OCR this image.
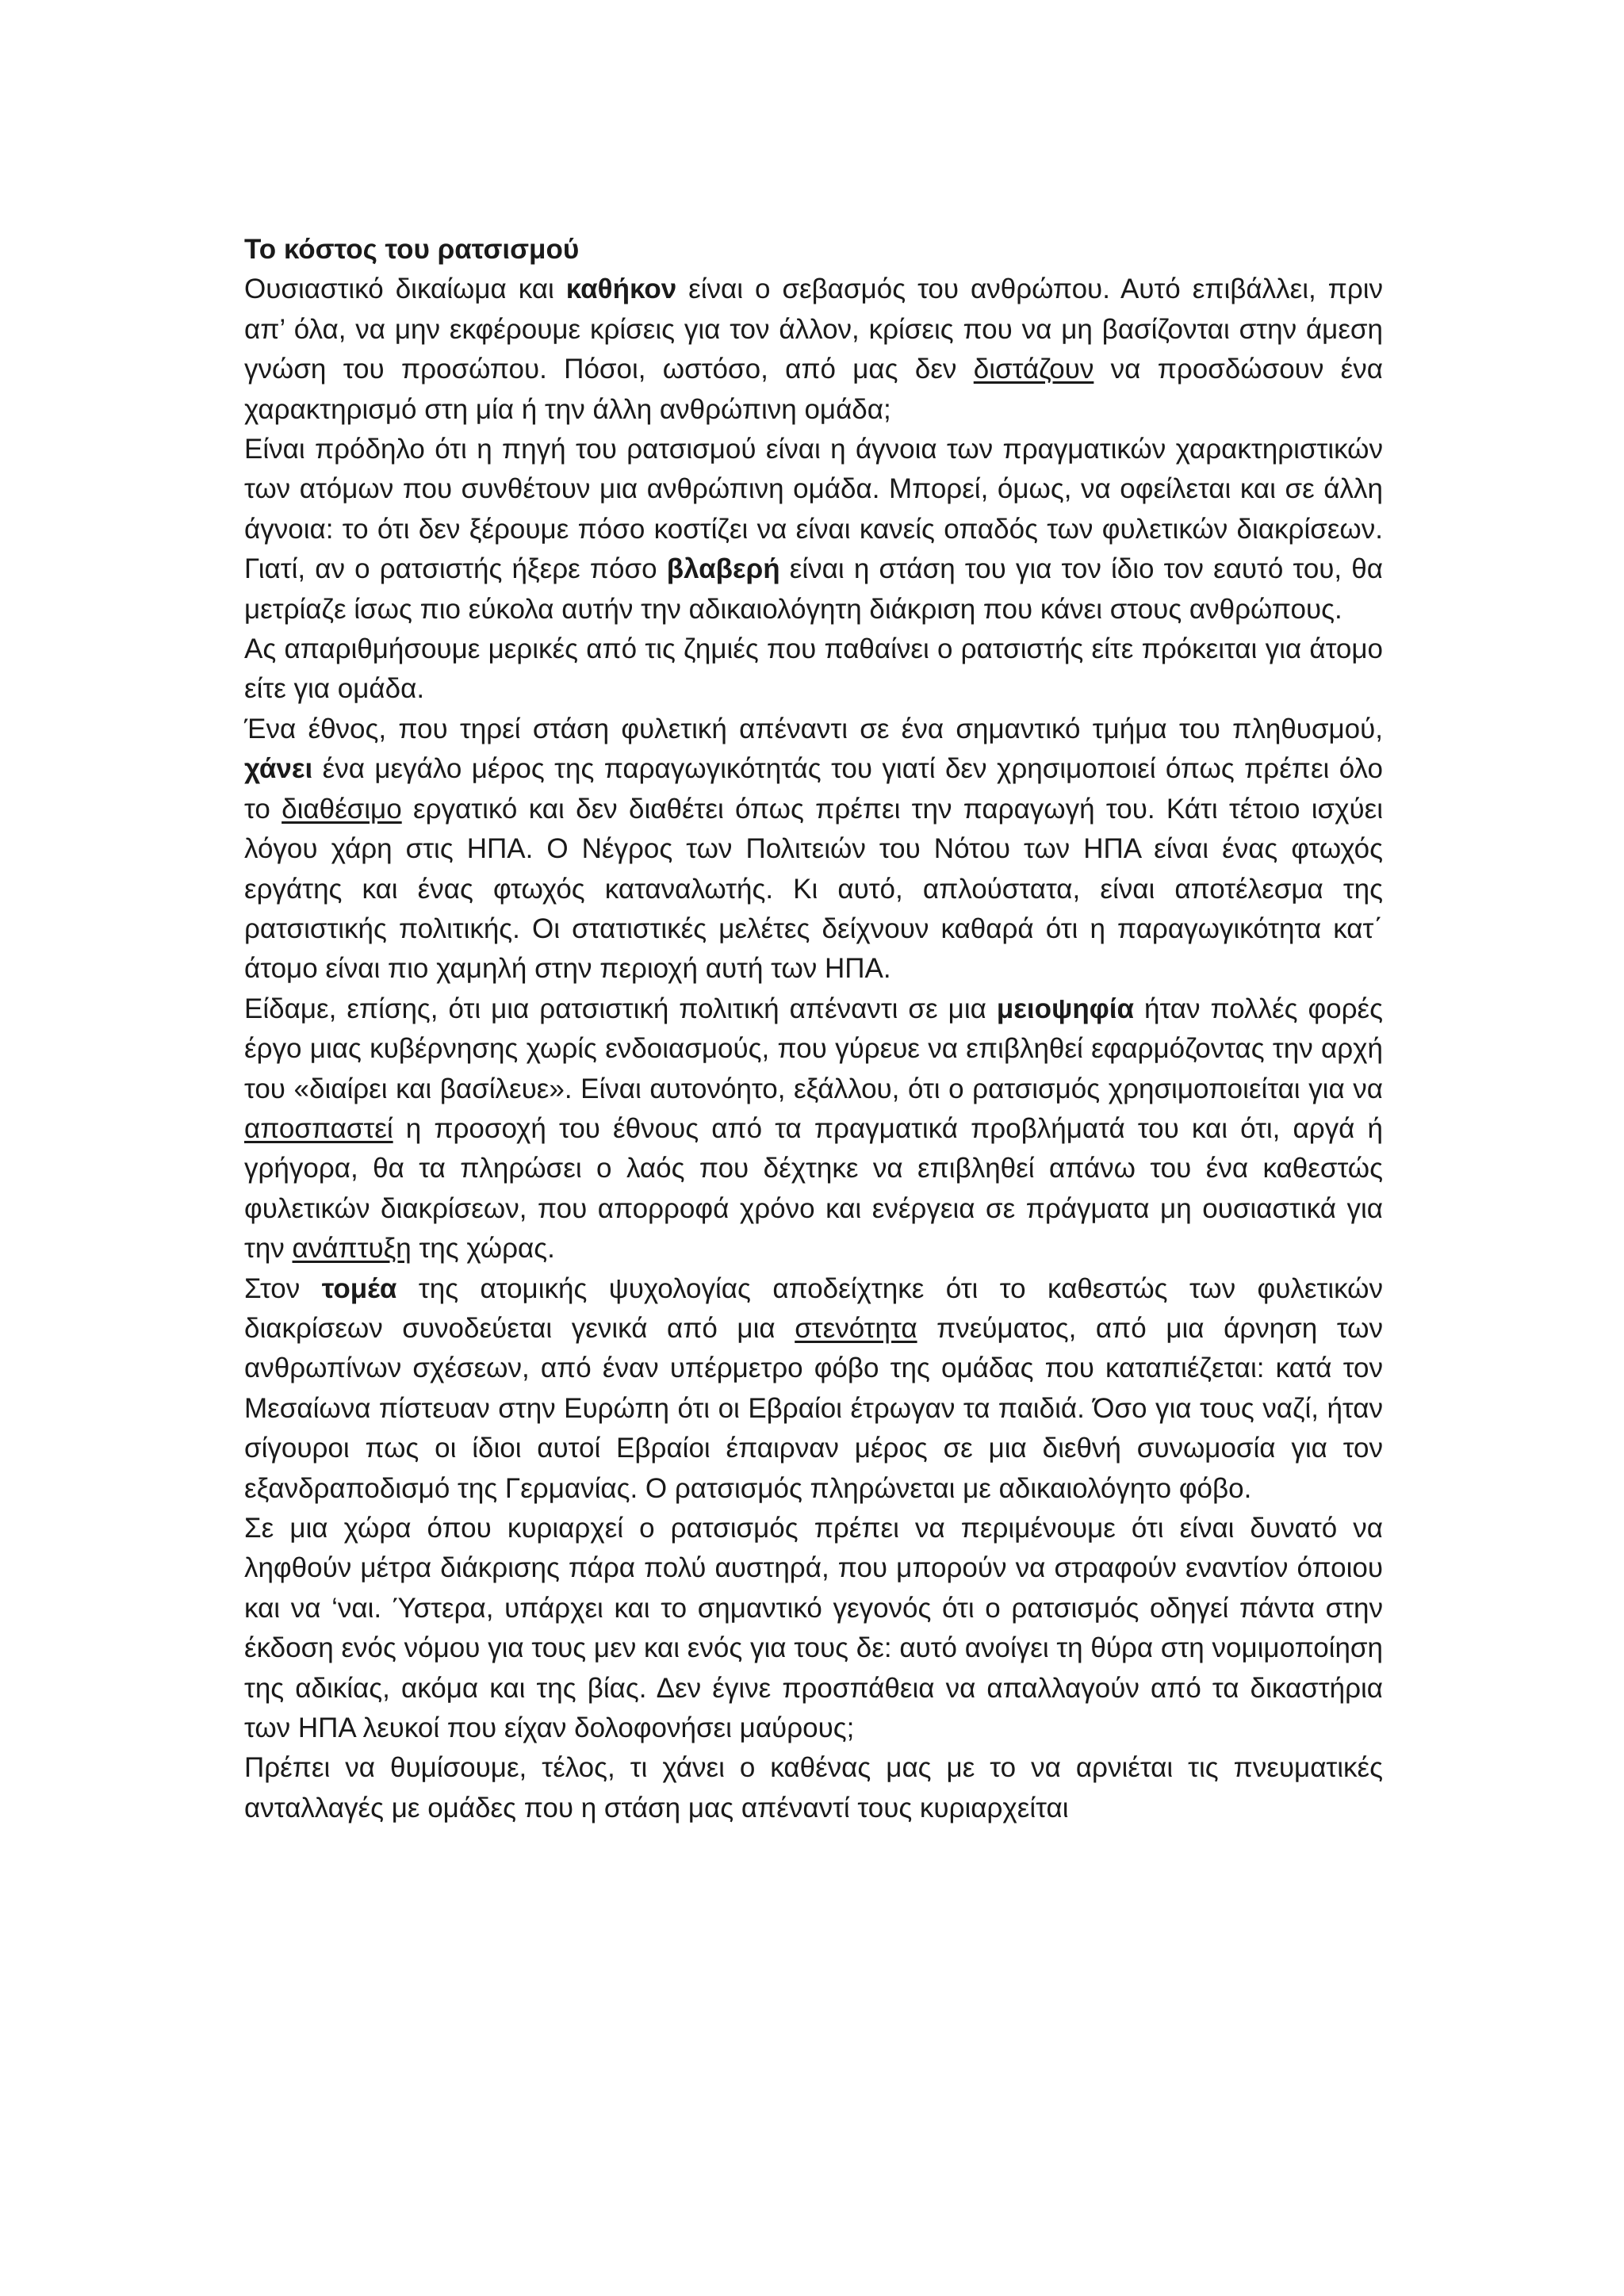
Το κόστος του ρατσισμού

Ουσιαστικό δικαίωμα και καθήκον είναι ο σεβασμός του ανθρώπου. Αυτό επιβάλλει, πριν απ’ όλα, να μην εκφέρουμε κρίσεις για τον άλλον, κρίσεις που να μη βασίζονται στην άμεση γνώση του προσώπου. Πόσοι, ωστόσο, από μας δεν διστάζουν να προσδώσουν ένα χαρακτηρισμό στη μία ή την άλλη ανθρώπινη ομάδα;

Είναι πρόδηλο ότι η πηγή του ρατσισμού είναι η άγνοια των πραγματικών χαρακτηριστικών των ατόμων που συνθέτουν μια ανθρώπινη ομάδα. Μπορεί, όμως, να οφείλεται και σε άλλη άγνοια: το ότι δεν ξέρουμε πόσο κοστίζει να είναι κανείς οπαδός των φυλετικών διακρίσεων. Γιατί, αν ο ρατσιστής ήξερε πόσο βλαβερή είναι η στάση του για τον ίδιο τον εαυτό του, θα μετρίαζε ίσως πιο εύκολα αυτήν την αδικαιολόγητη διάκριση που κάνει στους ανθρώπους.

Ας απαριθμήσουμε μερικές από τις ζημιές που παθαίνει ο ρατσιστής είτε πρόκειται για άτομο είτε για ομάδα.

Ένα έθνος, που τηρεί στάση φυλετική απέναντι σε ένα σημαντικό τμήμα του πληθυσμού, χάνει ένα μεγάλο μέρος της παραγωγικότητάς του γιατί δεν χρησιμοποιεί όπως πρέπει όλο το διαθέσιμο εργατικό και δεν διαθέτει όπως πρέπει την παραγωγή του. Κάτι τέτοιο ισχύει λόγου χάρη στις ΗΠΑ. Ο Νέγρος των Πολιτειών του Νότου των ΗΠΑ είναι ένας φτωχός εργάτης και ένας φτωχός καταναλωτής. Κι αυτό, απλούστατα, είναι αποτέλεσμα της ρατσιστικής πολιτικής. Οι στατιστικές μελέτες δείχνουν καθαρά ότι η παραγωγικότητα κατ΄ άτομο είναι πιο χαμηλή στην περιοχή αυτή των ΗΠΑ.

Είδαμε, επίσης, ότι μια ρατσιστική πολιτική απέναντι σε μια μειοψηφία ήταν πολλές φορές έργο μιας κυβέρνησης χωρίς ενδοιασμούς, που γύρευε να επιβληθεί εφαρμόζοντας την αρχή του «διαίρει και βασίλευε». Είναι αυτονόητο, εξάλλου, ότι ο ρατσισμός χρησιμοποιείται για να αποσπαστεί η προσοχή του έθνους από τα πραγματικά προβλήματά του και ότι, αργά ή γρήγορα, θα τα πληρώσει ο λαός που δέχτηκε να επιβληθεί απάνω του ένα καθεστώς φυλετικών διακρίσεων, που απορροφά χρόνο και ενέργεια σε πράγματα μη ουσιαστικά για την ανάπτυξη της χώρας.

Στον τομέα της ατομικής ψυχολογίας αποδείχτηκε ότι το καθεστώς των φυλετικών διακρίσεων συνοδεύεται γενικά από μια στενότητα πνεύματος, από μια άρνηση των ανθρωπίνων σχέσεων, από έναν υπέρμετρο φόβο της ομάδας που καταπιέζεται: κατά τον Μεσαίωνα πίστευαν στην Ευρώπη ότι οι Εβραίοι έτρωγαν τα παιδιά. Όσο για τους ναζί, ήταν σίγουροι πως οι ίδιοι αυτοί Εβραίοι έπαιρναν μέρος σε μια διεθνή συνωμοσία για τον εξανδραποδισμό της Γερμανίας. Ο ρατσισμός πληρώνεται με αδικαιολόγητο φόβο.

Σε μια χώρα όπου κυριαρχεί ο ρατσισμός πρέπει να περιμένουμε ότι είναι δυνατό να ληφθούν μέτρα διάκρισης πάρα πολύ αυστηρά, που μπορούν να στραφούν εναντίον όποιου και να ‘ναι. Ύστερα, υπάρχει και το σημαντικό γεγονός ότι ο ρατσισμός οδηγεί πάντα στην έκδοση ενός νόμου για τους μεν και ενός για τους δε: αυτό ανοίγει τη θύρα στη νομιμοποίηση της αδικίας, ακόμα και της βίας. Δεν έγινε προσπάθεια να απαλλαγούν από τα δικαστήρια των ΗΠΑ λευκοί που είχαν δολοφονήσει μαύρους;

Πρέπει να θυμίσουμε, τέλος, τι χάνει ο καθένας μας με το να αρνιέται τις πνευματικές ανταλλαγές με ομάδες που η στάση μας απέναντί τους κυριαρχείται
